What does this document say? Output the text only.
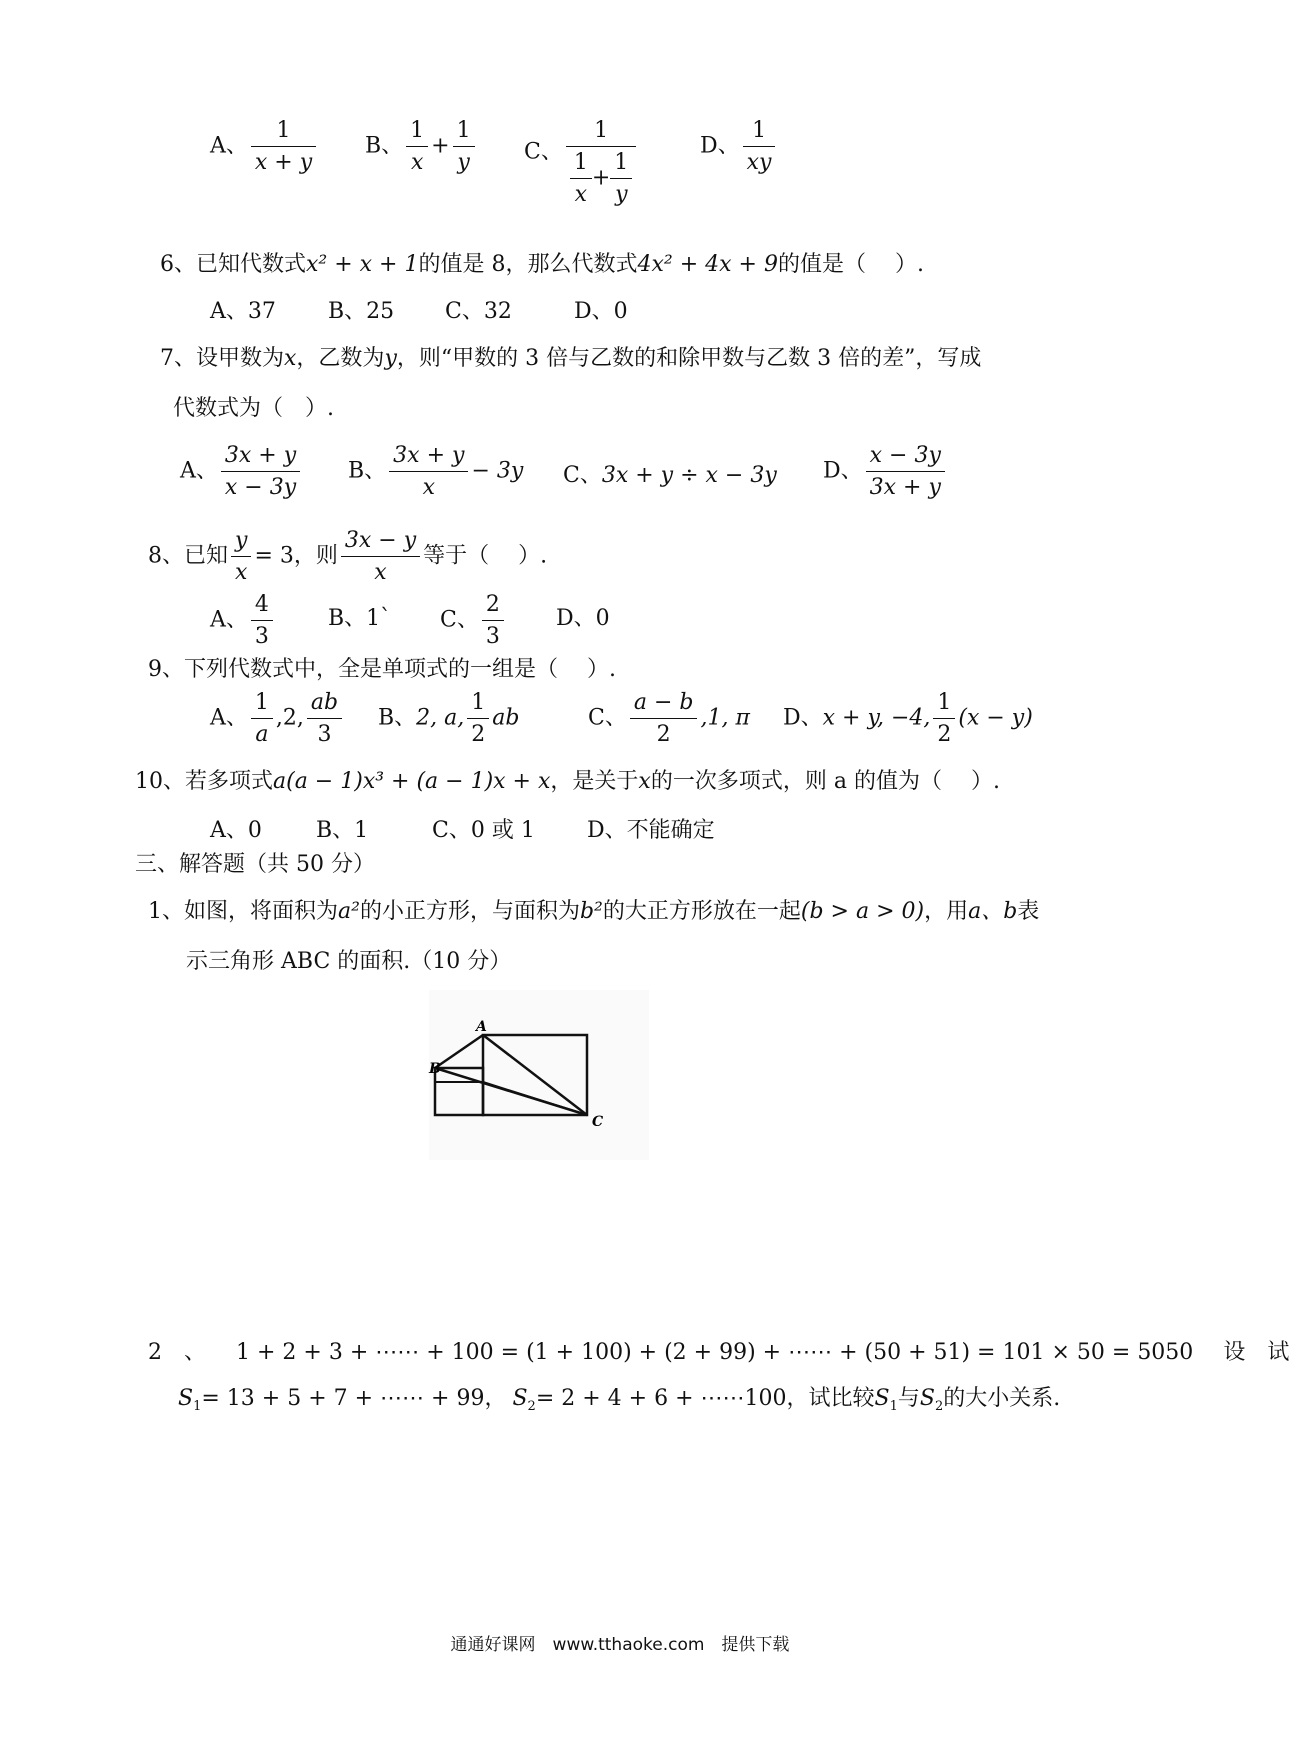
A、 $\frac{1}{x + y}$ B、 $\frac{1}{x} + \frac{1}{y}$ C、 $\frac{1}{\frac{1}{x} + \frac{1}{y}}$	D、 $\frac{1}{xy}$
6、已知代数式x² + x + 1的值是 8，那么代数式4x² + 4x + 9的值是（　 ）.
A、37 B、25 C、32	D、0
7、设甲数为x，乙数为y，则“甲数的 3 倍与乙数的和除甲数与乙数 3 倍的差”，写成
代数式为（　）.
A、 $\frac{3x + y}{x - 3y}$ B、 $\frac{3x + y}{x} - 3y$ C、3x + y ÷ x − 3y D、 $\frac{x - 3y}{3x + y}$
8、已知 $\frac{y}{x} = 3$，则 $\frac{3x - y}{x}$ 等于（　 ）.
A、 $\frac{4}{3}$	B、1` C、 $\frac{2}{3}$ D、0
9、下列代数式中，全是单项式的一组是（　 ）.
A、 $\frac{1}{a} ,2$, $\frac{ab}{3}$ B、2, a, $\frac{1}{2}$ ab	C、 $\frac{a - b}{2} ,1$, π D、x + y, −4, $\frac{1}{2} (x - y)$
10、若多项式a(a − 1)x³ + (a − 1)x + x，是关于x的一次多项式，则 a 的值为（　 ）.
A、0 B、1	C、0 或 1 D、不能确定
三、解答题（共 50 分）
1、如图，将面积为a²的小正方形，与面积为b²的大正方形放在一起(b > a > 0)，用a、b表
示三角形 ABC 的面积.（10 分）
A
B
C
2　、 1 + 2 + 3 + ⋯⋯ + 100 = (1 + 100) + (2 + 99) + ⋯⋯ + (50 + 51) = 101 × 50 = 5050 设　试
$S_1= 13 + 5 + 7$ + ⋯⋯ + 99， $S_2= 2 + 4 + 6$ + ⋯⋯100，试比较$S_1$与$S_2$的大小关系.
通通好课网　www.tthaoke.com　提供下载
